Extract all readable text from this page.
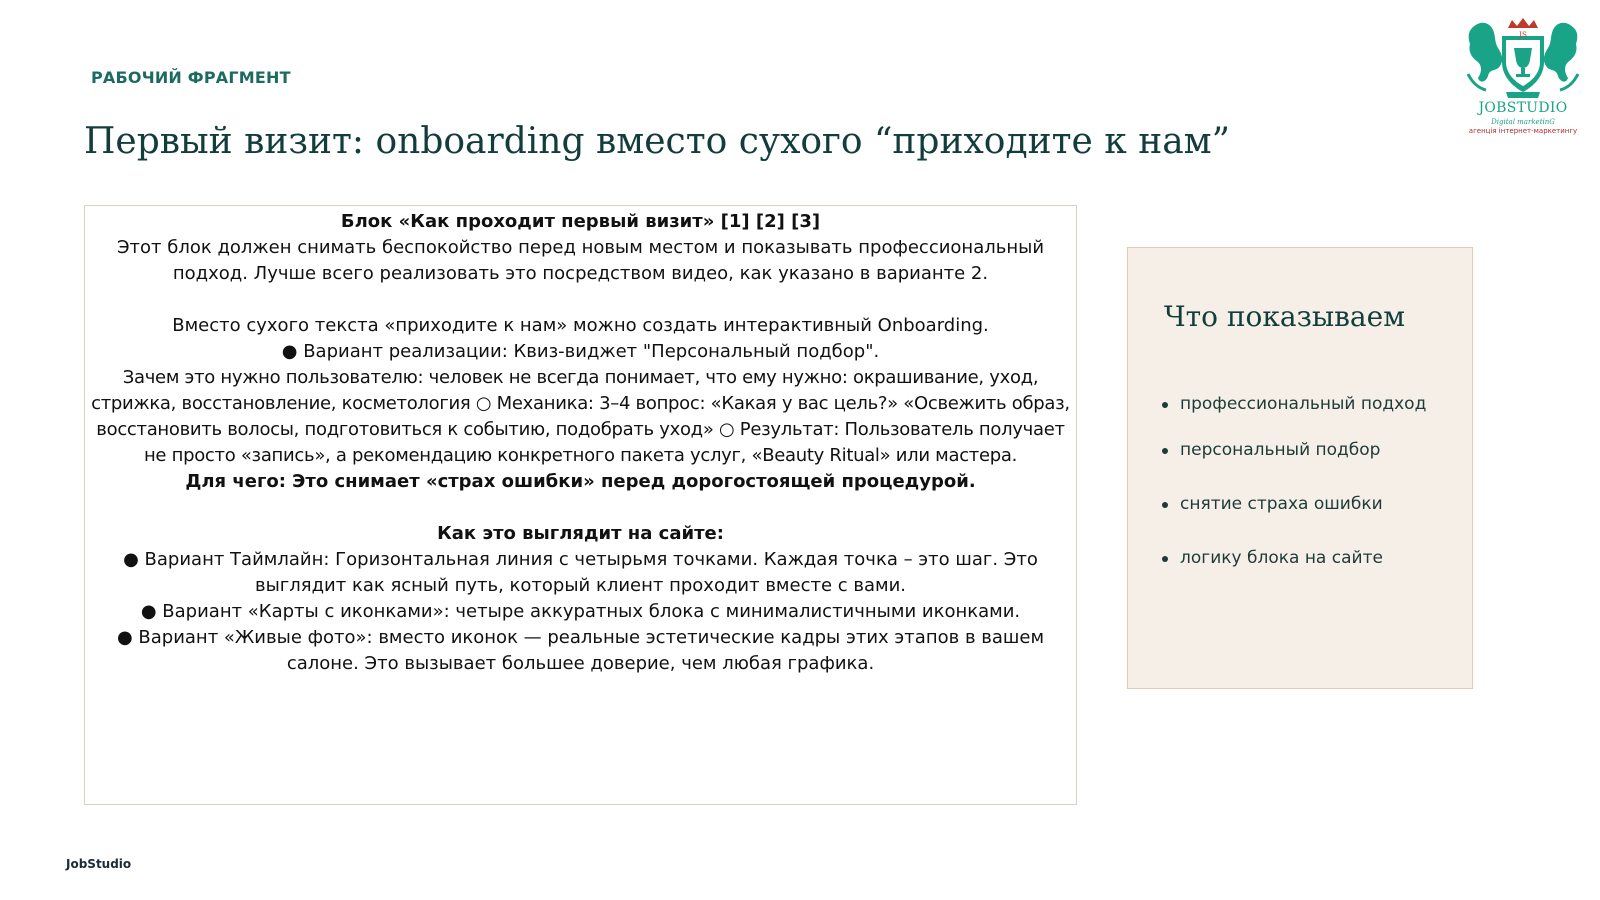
РАБОЧИЙ ФРАГМЕНТ
Первый визит: onboarding вместо сухого “приходите к нам”
JS
JOBSTUDIO
Digital marketinG
агенція інтернет-маркетингу

Блок «Как проходит первый визит» [1] [2] [3]

Этот блок должен снимать беспокойство перед новым местом и показывать профессиональный подход. Лучше всего реализовать это посредством видео, как указано в варианте 2.

Вместо сухого текста «приходите к нам» можно создать интерактивный Onboarding.

● Вариант реализации: Квиз-виджет "Персональный подбор".

Зачем это нужно пользователю: человек не всегда понимает, что ему нужно: окрашивание, уход, стрижка, восстановление, косметология ○ Механика: 3–4 вопрос: «Какая у вас цель?» «Освежить образ, восстановить волосы, подготовиться к событию, подобрать уход» ○ Результат: Пользователь получает не просто «запись», а рекомендацию конкретного пакета услуг, «Beauty Ritual» или мастера.

Для чего: Это снимает «страх ошибки» перед дорогостоящей процедурой.

Как это выглядит на сайте:

● Вариант Таймлайн: Горизонтальная линия с четырьмя точками. Каждая точка – это шаг. Это выглядит как ясный путь, который клиент проходит вместе с вами.

● Вариант «Карты с иконками»: четыре аккуратных блока с минималистичными иконками.

● Вариант «Живые фото»: вместо иконок — реальные эстетические кадры этих этапов в вашем салоне. Это вызывает большее доверие, чем любая графика.

Что показываем
профессиональный подход
персональный подбор
снятие страха ошибки
логику блока на сайте
JobStudio
